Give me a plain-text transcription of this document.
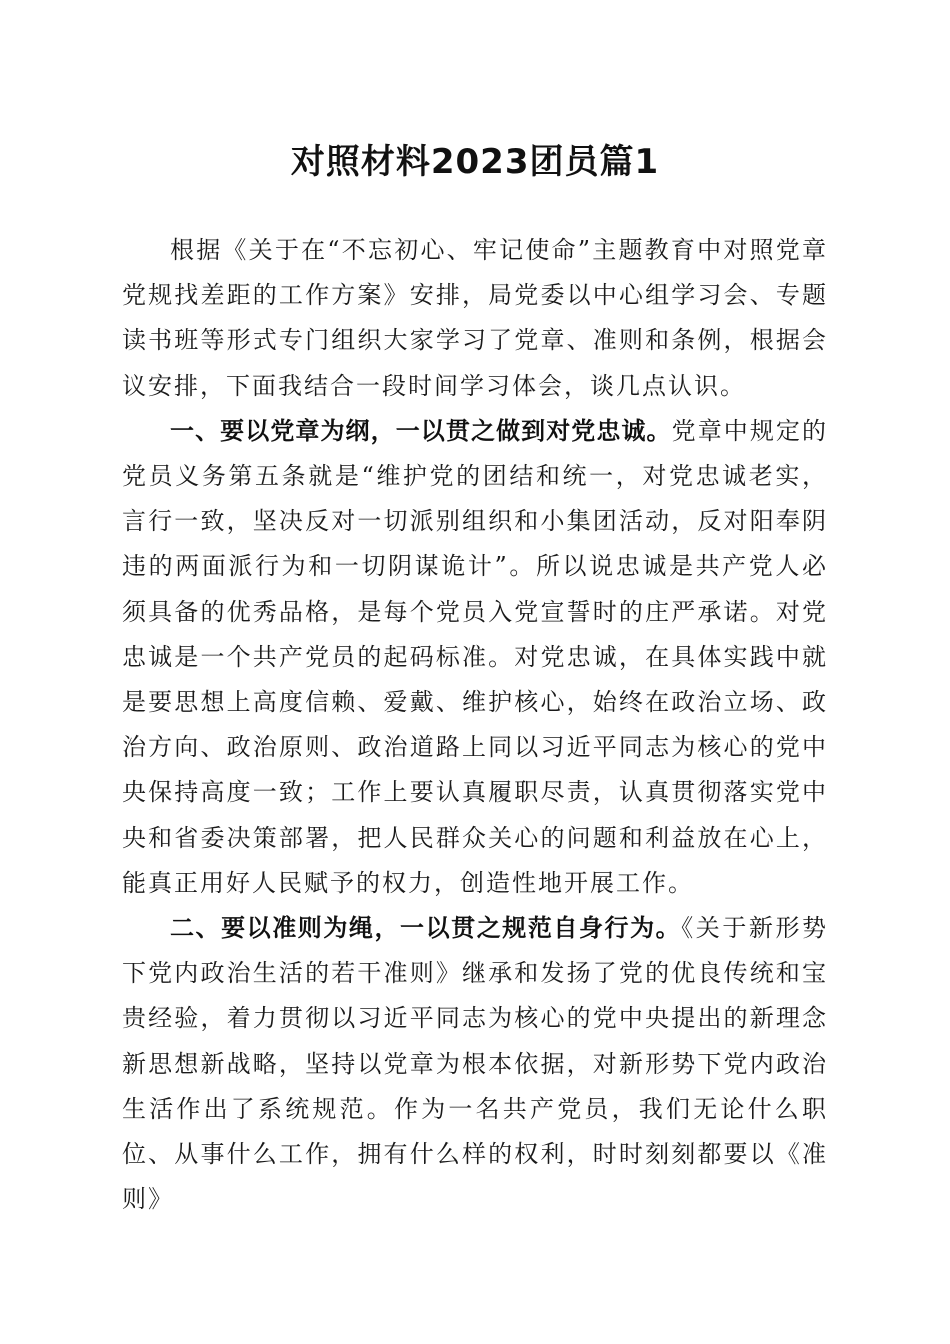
对照材料2023团员篇1

根据《关于在“不忘初心、牢记使命”主题教育中对照党章党规找差距的工作方案》安排，局党委以中心组学习会、专题读书班等形式专门组织大家学习了党章、准则和条例，根据会议安排，下面我结合一段时间学习体会，谈几点认识。

一、要以党章为纲，一以贯之做到对党忠诚。党章中规定的党员义务第五条就是“维护党的团结和统一，对党忠诚老实，言行一致，坚决反对一切派别组织和小集团活动，反对阳奉阴违的两面派行为和一切阴谋诡计”。所以说忠诚是共产党人必须具备的优秀品格，是每个党员入党宣誓时的庄严承诺。对党忠诚是一个共产党员的起码标准。对党忠诚，在具体实践中就是要思想上高度信赖、爱戴、维护核心，始终在政治立场、政治方向、政治原则、政治道路上同以习近平同志为核心的党中央保持高度一致；工作上要认真履职尽责，认真贯彻落实党中央和省委决策部署，把人民群众关心的问题和利益放在心上，能真正用好人民赋予的权力，创造性地开展工作。

二、要以准则为绳，一以贯之规范自身行为。《关于新形势下党内政治生活的若干准则》继承和发扬了党的优良传统和宝贵经验，着力贯彻以习近平同志为核心的党中央提出的新理念新思想新战略，坚持以党章为根本依据，对新形势下党内政治生活作出了系统规范。作为一名共产党员，我们无论什么职位、从事什么工作，拥有什么样的权利，时时刻刻都要以《准则》
